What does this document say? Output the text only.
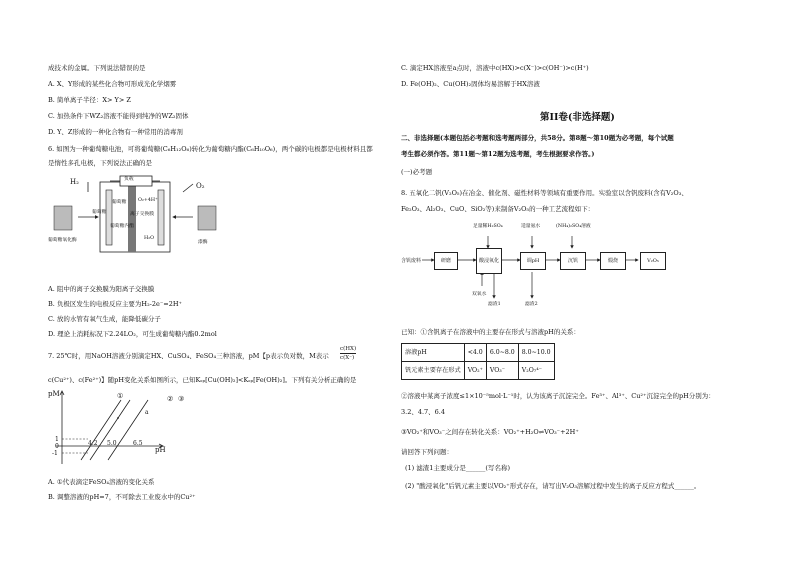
成技术的金属。下列说法错误的是
A. X、Y形成的某些化合物可形成光化学烟雾
B. 简单离子半径：X> Y> Z
C. 加热条件下WZ₂溶液不能得到纯净的WZ₂固体
D. Y、Z形成的一种化合物有一种常用的消毒剂
6. 如图为一种葡萄糖电池，可将葡萄糖(C₆H₁₂O₆)转化为葡萄糖内酯(C₆H₁₀O₆)，两个碳的电极都是电极材料且都
是惰性多孔电极，下列说法正确的是
H₂	O₂
负载
葡萄糖 O₂+4H⁺
葡萄糖内酯
H₂O
葡萄糖	离子交换膜
葡萄糖氧化酶	漆酶
A. 阻中的离子交换膜为阳离子交换膜
B. 负极区发生的电极反应主要为H₂-2e⁻=2H⁺
C. 放的水管有氧气生成，能降低碳分子
D. 理论上消耗标况下2.24LO₂，可生成葡萄糖内酯0.2mol
7. 25℃时，用NaOH溶液分别滴定HX、CuSO₄、FeSO₄三种溶液，pM【p表示负对数，M表示
c(HX)
c(X⁻)
c(Cu²⁺)、c(Fe²⁺)】随pH变化关系如图所示，已知Kₛₚ[Cu(OH)₂]<Kₛₚ[Fe(OH)₂]。下列有关分析正确的是
pM
pH
1
0
-1
4.2 5.0	6.5
①	② ③
a
A. ①代表滴定FeSO₄溶液的变化关系
B. 调整溶液的pH=7，不可除去工业废水中的Cu²⁺
C. 滴定HX溶液至a点时，溶液中c(HX)>c(X⁻)>c(OH⁻)>c(H⁺)
D. Fe(OH)₂、Cu(OH)₂固体均易溶解于HX溶液
第II卷(非选择题)
二、非选择题(本题包括必考题和选考题两部分，共58分。第8题～第10题为必考题，每个试题
考生都必须作答。第11题～第12题为选考题，考生根据要求作答。)
(一)必考题
8. 五氧化二钒(V₂O₅)在冶金、催化剂、磁性材料等领域有重要作用。实验室以含钒废料(含有V₂O₃、
Fe₂O₃、Al₂O₃、CuO、SiO₂等)来制备V₂O₅的一种工艺流程如下：
含钒废料	研磨	酸浸氧化	调pH	沉钒	煅烧	V₂O₅
足量稀H₂SO₄	适量氨水	(NH₄)₂SO₄溶液
双氧水
滤渣1	滤渣2
已知：①含钒离子在溶液中的主要存在形式与溶液pH的关系：
溶液pH	<4.0	6.0~8.0	8.0~10.0
钒元素主要存在形式	VO₂⁺	VO₃⁻	V₂O₇⁴⁻
②溶液中某离子浓度≤1×10⁻⁵mol·L⁻¹时，认为该离子沉淀完全。Fe³⁺、Al³⁺、Cu²⁺沉淀完全的pH分别为：
3.2、4.7、6.4
③VO₂⁺和VO₃⁻之间存在转化关系：VO₂⁺+H₂O⇌VO₃⁻+2H⁺
请回答下列问题：
(1) 滤渣1主要成分是______(写名称)
(2) "酸浸氧化"后钒元素主要以VO₂⁺形式存在，请写出V₂O₃溶解过程中发生的离子反应方程式______。
